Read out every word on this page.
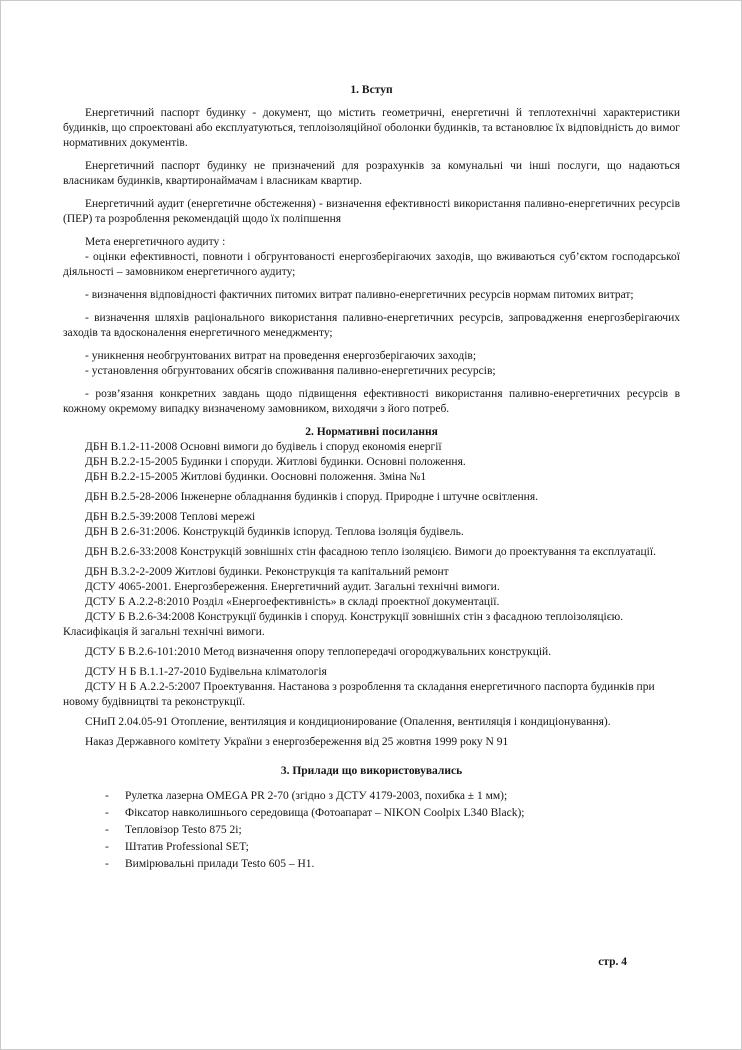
1. Вступ

Енергетичний паспорт будинку - документ, що містить геометричні, енергетичні й теплотехнічні характеристики будинків, що спроектовані або експлуатуються, теплоізоляційної оболонки будинків, та встановлює їх відповідність до вимог нормативних документів.

Енергетичний паспорт будинку не призначений для розрахунків за комунальні чи інші послуги, що надаються власникам будинків, квартиронаймачам і власникам квартир.

Енергетичний аудит (енергетичне обстеження) - визначення ефективності використання паливно-енергетичних ресурсів (ПЕР) та розроблення рекомендацій щодо їх поліпшення

Мета енергетичного аудиту :

- оцінки ефективності, повноти і обгрунтованості енергозберігаючих заходів, що вживаються суб’єктом господарської діяльності – замовником енергетичного аудиту;

- визначення відповідності фактичних питомих витрат паливно-енергетичних ресурсів нормам питомих витрат;

- визначення шляхів раціонального використання паливно-енергетичних ресурсів, запровадження енергозберігаючих заходів та вдосконалення енергетичного менеджменту;

- уникнення необгрунтованих витрат на проведення енергозберігаючих заходів;

- установлення обгрунтованих обсягів споживання паливно-енергетичних ресурсів;

- розв’язання конкретних завдань щодо підвищення ефективності використання паливно-енергетичних ресурсів в кожному окремому випадку визначеному замовником, виходячи з його потреб.

2. Нормативні посилання

ДБН В.1.2-11-2008 Основні вимоги до будівель і споруд економія енергії

ДБН В.2.2-15-2005 Будинки і споруди. Житлові будинки. Основні положення.

ДБН В.2.2-15-2005 Житлові будинки. Оосновні положення. Зміна №1

ДБН В.2.5-28-2006 Інженерне обладнання будинків і споруд. Природне і штучне освітлення.

ДБН В.2.5-39:2008 Теплові мережі

ДБН В 2.6-31:2006. Конструкцій будинків іспоруд. Теплова ізоляція будівель.

ДБН В.2.6-33:2008 Конструкцій зовнішніх стін фасадною тепло ізоляцією. Вимоги до проектування та експлуатації.

ДБН В.3.2-2-2009 Житлові будинки. Реконструкція та капітальний ремонт

ДСТУ 4065-2001. Енергозбереження. Енергетичний аудит. Загальні технічні вимоги.

ДСТУ Б А.2.2-8:2010 Розділ «Енергоефективність» в складі проектної документації.

ДСТУ Б В.2.6-34:2008 Конструкції будинків і споруд. Конструкції зовнішніх стін з фасадною теплоізоляцією. Класифікація й загальні технічні вимоги.

ДСТУ Б В.2.6-101:2010 Метод визначення опору теплопередачі огороджувальних конструкцій.

ДСТУ Н Б В.1.1-27-2010 Будівельна кліматологія

ДСТУ Н Б А.2.2-5:2007 Проектування. Настанова з розроблення та складання енергетичного паспорта будинків при новому будівництві та реконструкції.

СНиП 2.04.05-91 Отопление, вентиляция и кондиционирование (Опалення, вентиляція і кондиціонування).

Наказ Державного комітету України з енергозбереження від 25 жовтня 1999 року N 91

3. Прилади що використовувались
-	Рулетка лазерна OMEGA PR 2-70 (згідно з ДСТУ 4179-2003, похибка ± 1 мм);
-	Фіксатор навколишнього середовища (Фотоапарат – NIKON Coolpix L340 Black);
-	Тепловізор Testo 875 2i;
-	Штатив Professional SET;
-	Вимірювальні прилади Testo 605 – H1.
стр. 4
